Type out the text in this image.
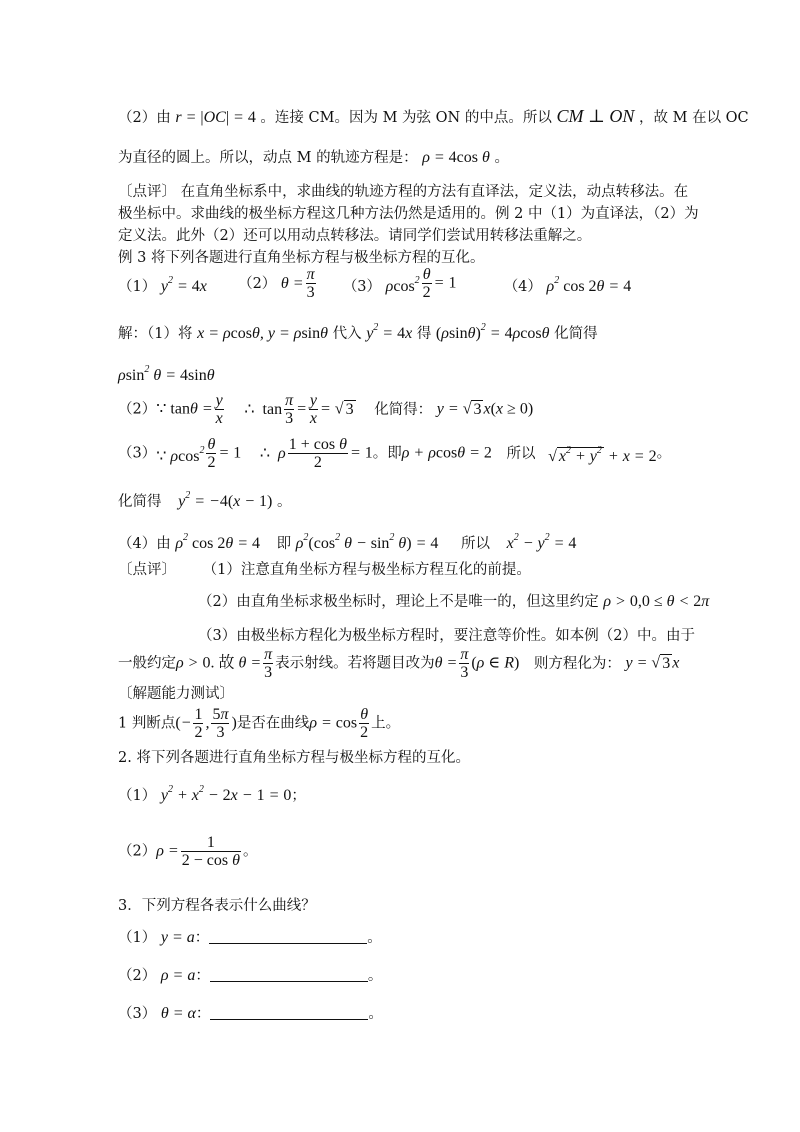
（2）由 r = |OC| = 4 。连接 CM。因为 M 为弦 ON 的中点。所以 CM ⊥ ON ，故 M 在以 OC
为直径的圆上。所以，动点 M 的轨迹方程是： ρ = 4cos θ 。
〔点评〕 在直角坐标系中，求曲线的轨迹方程的方法有直译法，定义法，动点转移法。在
极坐标中。求曲线的极坐标方程这几种方法仍然是适用的。例 2 中（1）为直译法，（2）为
定义法。此外（2）还可以用动点转移法。请同学们尝试用转移法重解之。
例 3 将下列各题进行直角坐标方程与极坐标方程的互化。
（1） $y^2 = 4x$ （2） $\theta = \frac{\pi}{3} (3)$ $\rho\cos^2 \frac{\theta}{2} = 1$	（4） $\rho^2$ cos 2θ = 4
解：（1）将 x = ρcosθ, y = ρsinθ 代入 $y^2 = 4x$ 得 $(\rho\sin\theta)^2 = 4\rho\cos\theta$ 化简得
ρsin$^2$ θ = 4sinθ
（2）∵ $\tan\theta = \frac{y}{x}$ ∴  $\tan \frac{\pi}{3} = \frac{y}{x}$ = √ 3 化简得： y = √ 3 x(x ≥ 0)
（3）∵ $\rho\cos^2 \frac{\theta}{2} = 1$ ∴  ρ $\frac{\text{1 + cos θ}}{2} = 1$。即ρ + ρcosθ = 2 所以 √ $x^2 + y^2 + x = 2$。
化简得 $y^2 = -4(x - 1)$ 。
（4）由 $\rho^2$ cos 2θ = 4 即 $\rho^2(\cos^2$ $\theta - \sin^2 \theta) = 4$ 所以 $x^2 - y^2 = 4$
〔点评〕 （1）注意直角坐标方程与极坐标方程互化的前提。
（2）由直角坐标求极坐标时，理论上不是唯一的，但这里约定 ρ > 0,0 ≤ θ < 2π
（3）由极坐标方程化为极坐标方程时，要注意等价性。如本例（2）中。由于
一般约定ρ > 0. 故 $\theta = \frac{\pi}{3}$ 表示射线。若将题目改为$\theta = \frac{\pi}{3} (\rho$ ∈ R) 则方程化为： y = √ 3 x
〔解题能力测试〕
1 判断点(− $\frac{1}{2}$ , $\frac{5\pi}{3}$ )是否在曲线$\rho = \cos \frac{\theta}{2}$ 上。
2. 将下列各题进行直角坐标方程与极坐标方程的互化。
（1） $y^2 + x^2 - 2x - 1 = 0$；
$(2)\rho = \frac{1}{\text{2 − cos θ}}$ 。
3．下列方程各表示什么曲线？
（1） y = a：	。
（2） ρ = a：	。
（3） θ = α：	。
